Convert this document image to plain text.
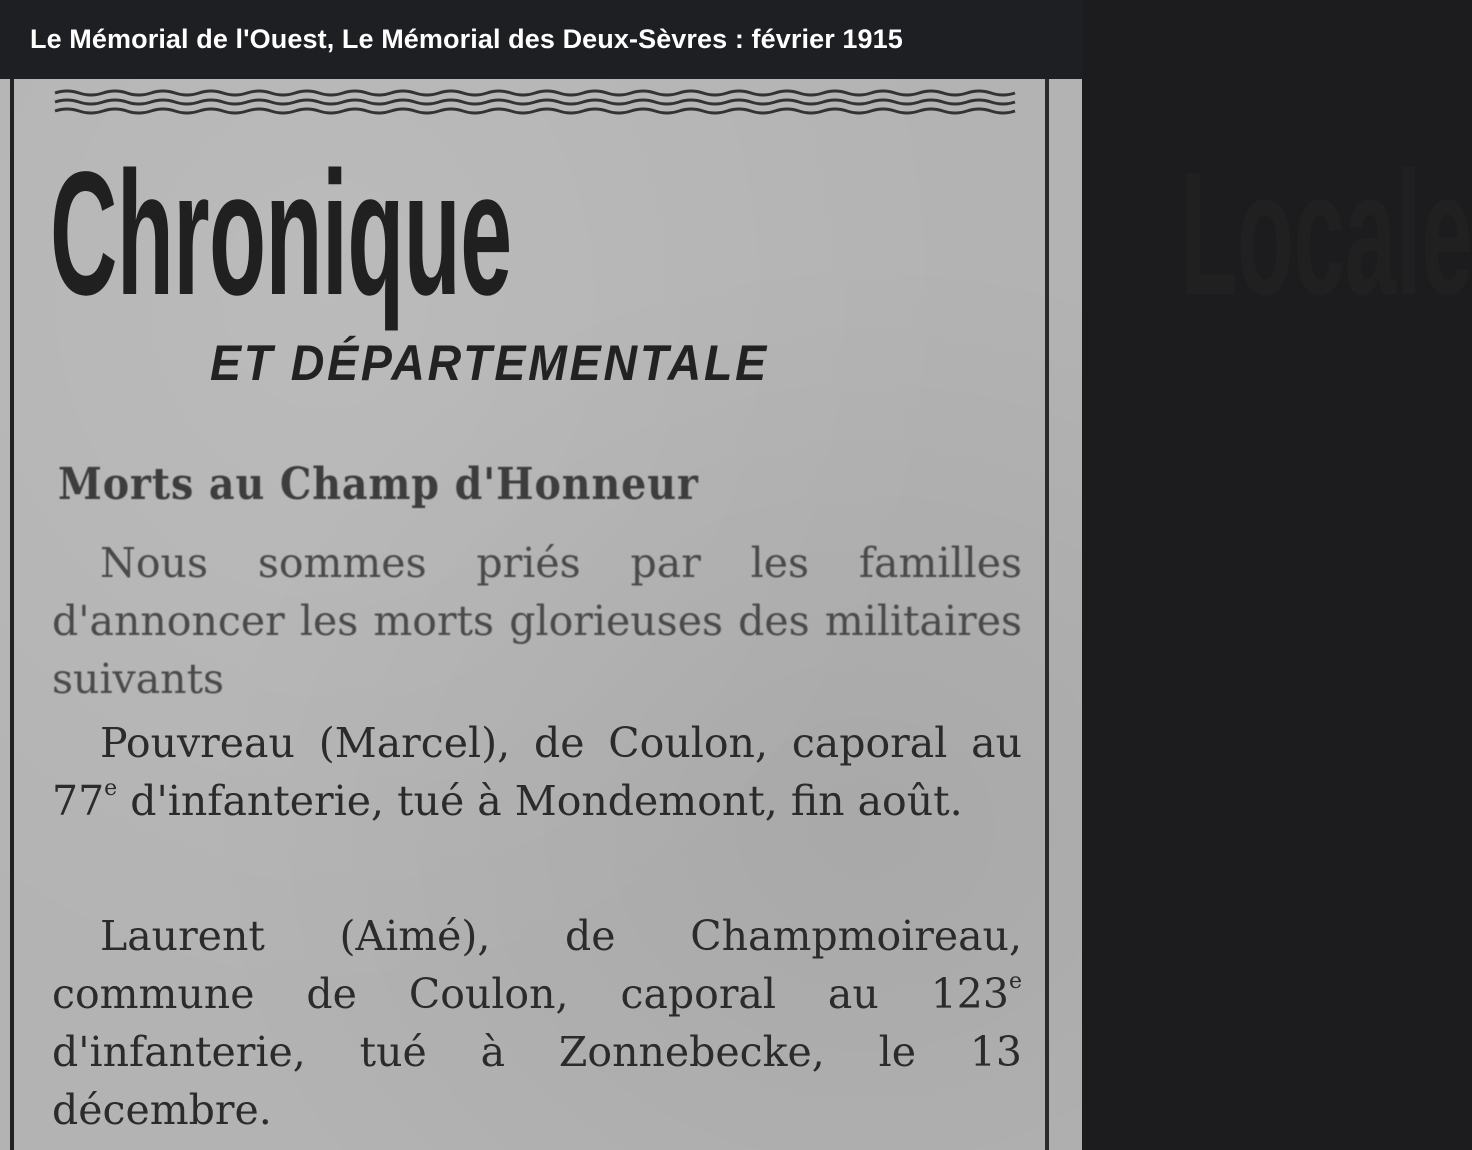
Le Mémorial de l'Ouest, Le Mémorial des Deux-Sèvres : février 1915
Chronique	Locale
ET DÉPARTEMENTALE
Morts au Champ d'Honneur
Nous sommes priés par les familles d'annoncer les morts glorieuses des militaires suivants
Pouvreau (Marcel), de Coulon, caporal au 77e d'infanterie, tué à Mondemont, fin août.
Laurent (Aimé), de Champmoireau, commune de Coulon, caporal au 123e d'infanterie, tué à Zonnebecke, le 13 décembre.
